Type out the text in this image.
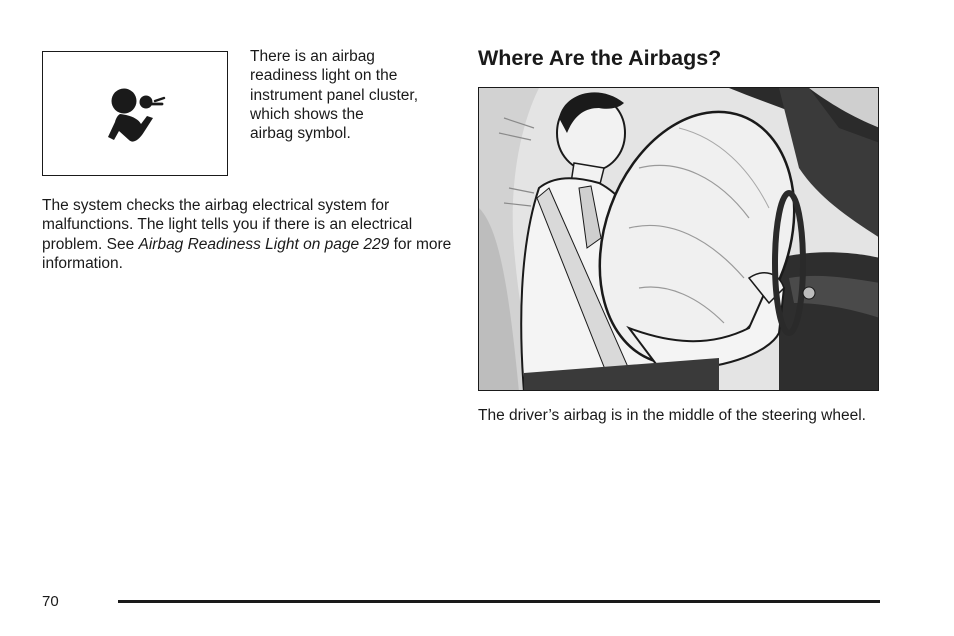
There is an airbag
readiness light on the
instrument panel cluster,
which shows the
airbag symbol.

The system checks the airbag electrical system for malfunctions. The light tells you if there is an electrical problem. See Airbag Readiness Light on page 229 for more information.

Where Are the Airbags?

The driver’s airbag is in the middle of the steering wheel.

70
